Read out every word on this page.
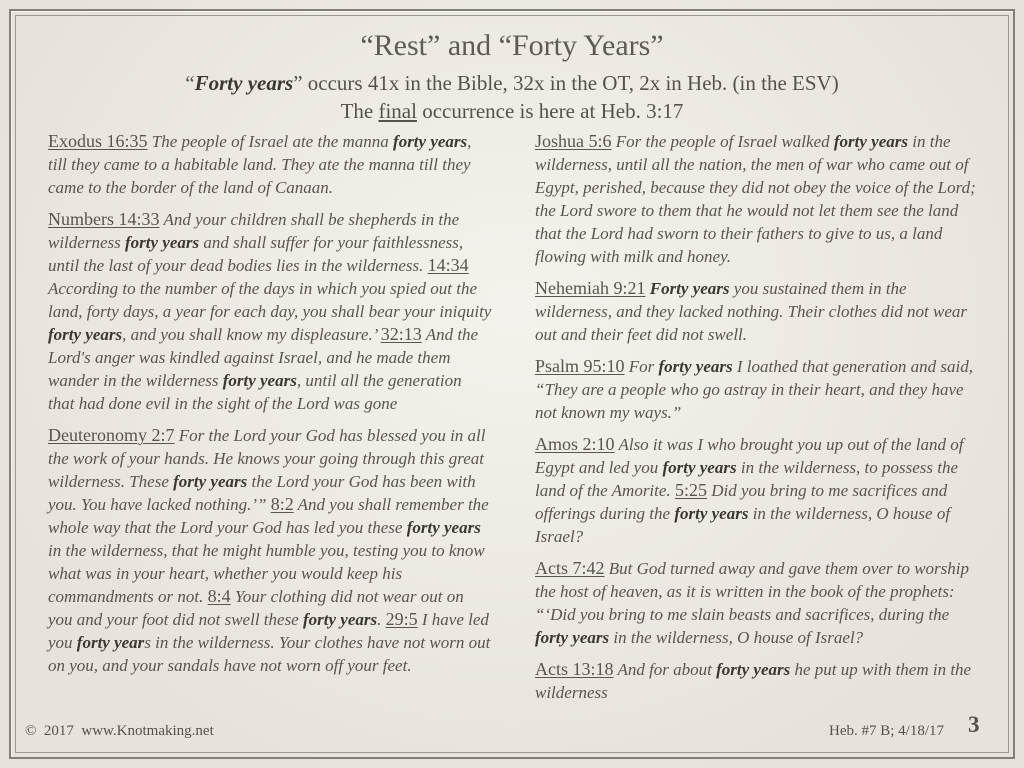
“Rest” and “Forty Years”
“Forty years” occurs 41x in the Bible, 32x in the OT, 2x in Heb. (in the ESV)
The final occurrence is here at Heb. 3:17

Exodus 16:35 The people of Israel ate the manna forty years, till they came to a habitable land. They ate the manna till they came to the border of the land of Canaan.

Numbers 14:33 And your children shall be shepherds in the wilderness forty years and shall suffer for your faithlessness, until the last of your dead bodies lies in the wilderness. 14:34 According to the number of the days in which you spied out the land, forty days, a year for each day, you shall bear your iniquity forty years, and you shall know my displeasure.’ 32:13 And the Lord's anger was kindled against Israel, and he made them wander in the wilderness forty years, until all the generation that had done evil in the sight of the Lord was gone

Deuteronomy 2:7 For the Lord your God has blessed you in all the work of your hands. He knows your going through this great wilderness. These forty years the Lord your God has been with you. You have lacked nothing.’” 8:2 And you shall remember the whole way that the Lord your God has led you these forty years in the wilderness, that he might humble you, testing you to know what was in your heart, whether you would keep his commandments or not. 8:4 Your clothing did not wear out on you and your foot did not swell these forty years. 29:5 I have led you forty years in the wilderness. Your clothes have not worn out on you, and your sandals have not worn off your feet.

Joshua 5:6 For the people of Israel walked forty years in the wilderness, until all the nation, the men of war who came out of Egypt, perished, because they did not obey the voice of the Lord; the Lord swore to them that he would not let them see the land that the Lord had sworn to their fathers to give to us, a land flowing with milk and honey.

Nehemiah 9:21 Forty years you sustained them in the wilderness, and they lacked nothing. Their clothes did not wear out and their feet did not swell.

Psalm 95:10 For forty years I loathed that generation and said, “They are a people who go astray in their heart, and they have not known my ways.”

Amos 2:10 Also it was I who brought you up out of the land of Egypt and led you forty years in the wilderness, to possess the land of the Amorite. 5:25 Did you bring to me sacrifices and offerings during the forty years in the wilderness, O house of Israel?

Acts 7:42 But God turned away and gave them over to worship the host of heaven, as it is written in the book of the prophets: “‘Did you bring to me slain beasts and sacrifices, during the forty years in the wilderness, O house of Israel?

Acts 13:18 And for about forty years he put up with them in the wilderness

©  2017  www.Knotmaking.net	Heb. #7 B; 4/18/17 3
